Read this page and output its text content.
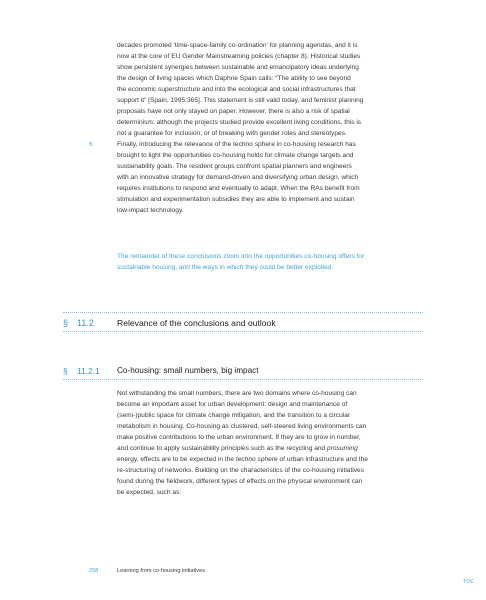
decades promoted ‘time-space-family co-ordination’ for planning agendas, and it is
now at the core of EU Gender Mainstreaming policies (chapter 8). Historical studies
show persistent synergies between sustainable and emancipatory ideas underlying
the design of living spaces which Daphne Spain calls: “The ability to see beyond
the economic superstructure and into the ecological and social infrastructures that
support it” [Spain, 1995:365]. This statement is still valid today, and feminist planning
proposals have not only stayed on paper. However, there is also a risk of spatial
determinism: although the projects studied provide excellent living conditions, this is
not a guarantee for inclusion, or of breaking with gender roles and stereotypes.
6	Finally, introducing the relevance of the techno sphere in co-housing research has
brought to light the opportunities co-housing holds for climate change targets and
sustainability goals. The resident groups confront spatial planners and engineers
with an innovative strategy for demand-driven and diversifying urban design, which
requires institutions to respond and eventually to adapt. When the RAs benefit from
stimulation and experimentation subsidies they are able to implement and sustain
low-impact technology.
The remainder of these conclusions zoom into the opportunities co-housing offers for
sustainable housing, and the ways in which they could be better exploited.
§ 11.2	Relevance of the conclusions and outlook
§ 11.2.1 Co-housing: small numbers, big impact
Not withstanding the small numbers, there are two domains where co-housing can
become an important asset for urban development: design and maintenance of
(semi-)public space for climate change mitigation, and the transition to a circular
metabolism in housing. Co-housing as clustered, self-steered living environments can
make positive contributions to the urban environment. If they are to grow in number,
and continue to apply sustainability principles such as the recycling and prosuming
energy, effects are to be expected in the techno sphere of urban infrastructure and the
re-structuring of networks. Building on the characteristics of the co-housing initiatives
found during the fieldwork, different types of effects on the physical environment can
be expected, such as:
258	Learning from co-housing initiatives
TOC
